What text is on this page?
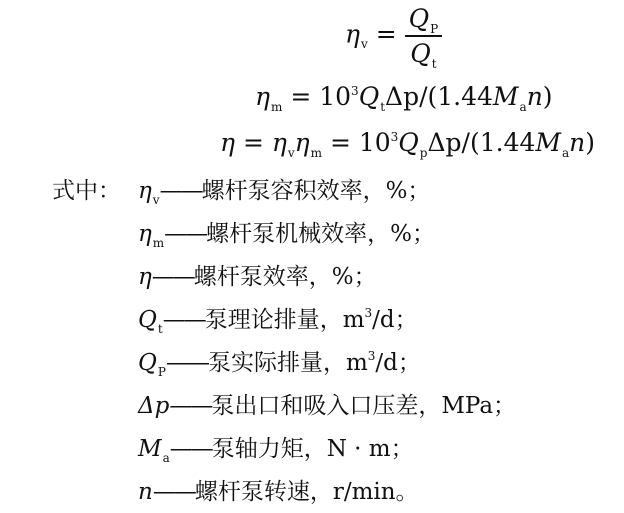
$\eta_v = \frac{Q_P}{Q_t}$
$\eta_m = 10^3Q_t\Delta p/(1.44M_an)$
$\eta = \eta_v\eta_m = 10^3Q_p\Delta p/(1.44M_an)$
式中： $\eta_v——$螺杆泵容积效率，%；
$\eta_m——$螺杆泵机械效率，%；
η——螺杆泵效率，%；
$Q_t——$泵理论排量，$m^3/d$；
$Q_P——$泵实际排量，$m^3/d$；
Δp——泵出口和吸入口压差，MPa；
$M_a——$泵轴力矩，N · m；
n——螺杆泵转速，r/min。
